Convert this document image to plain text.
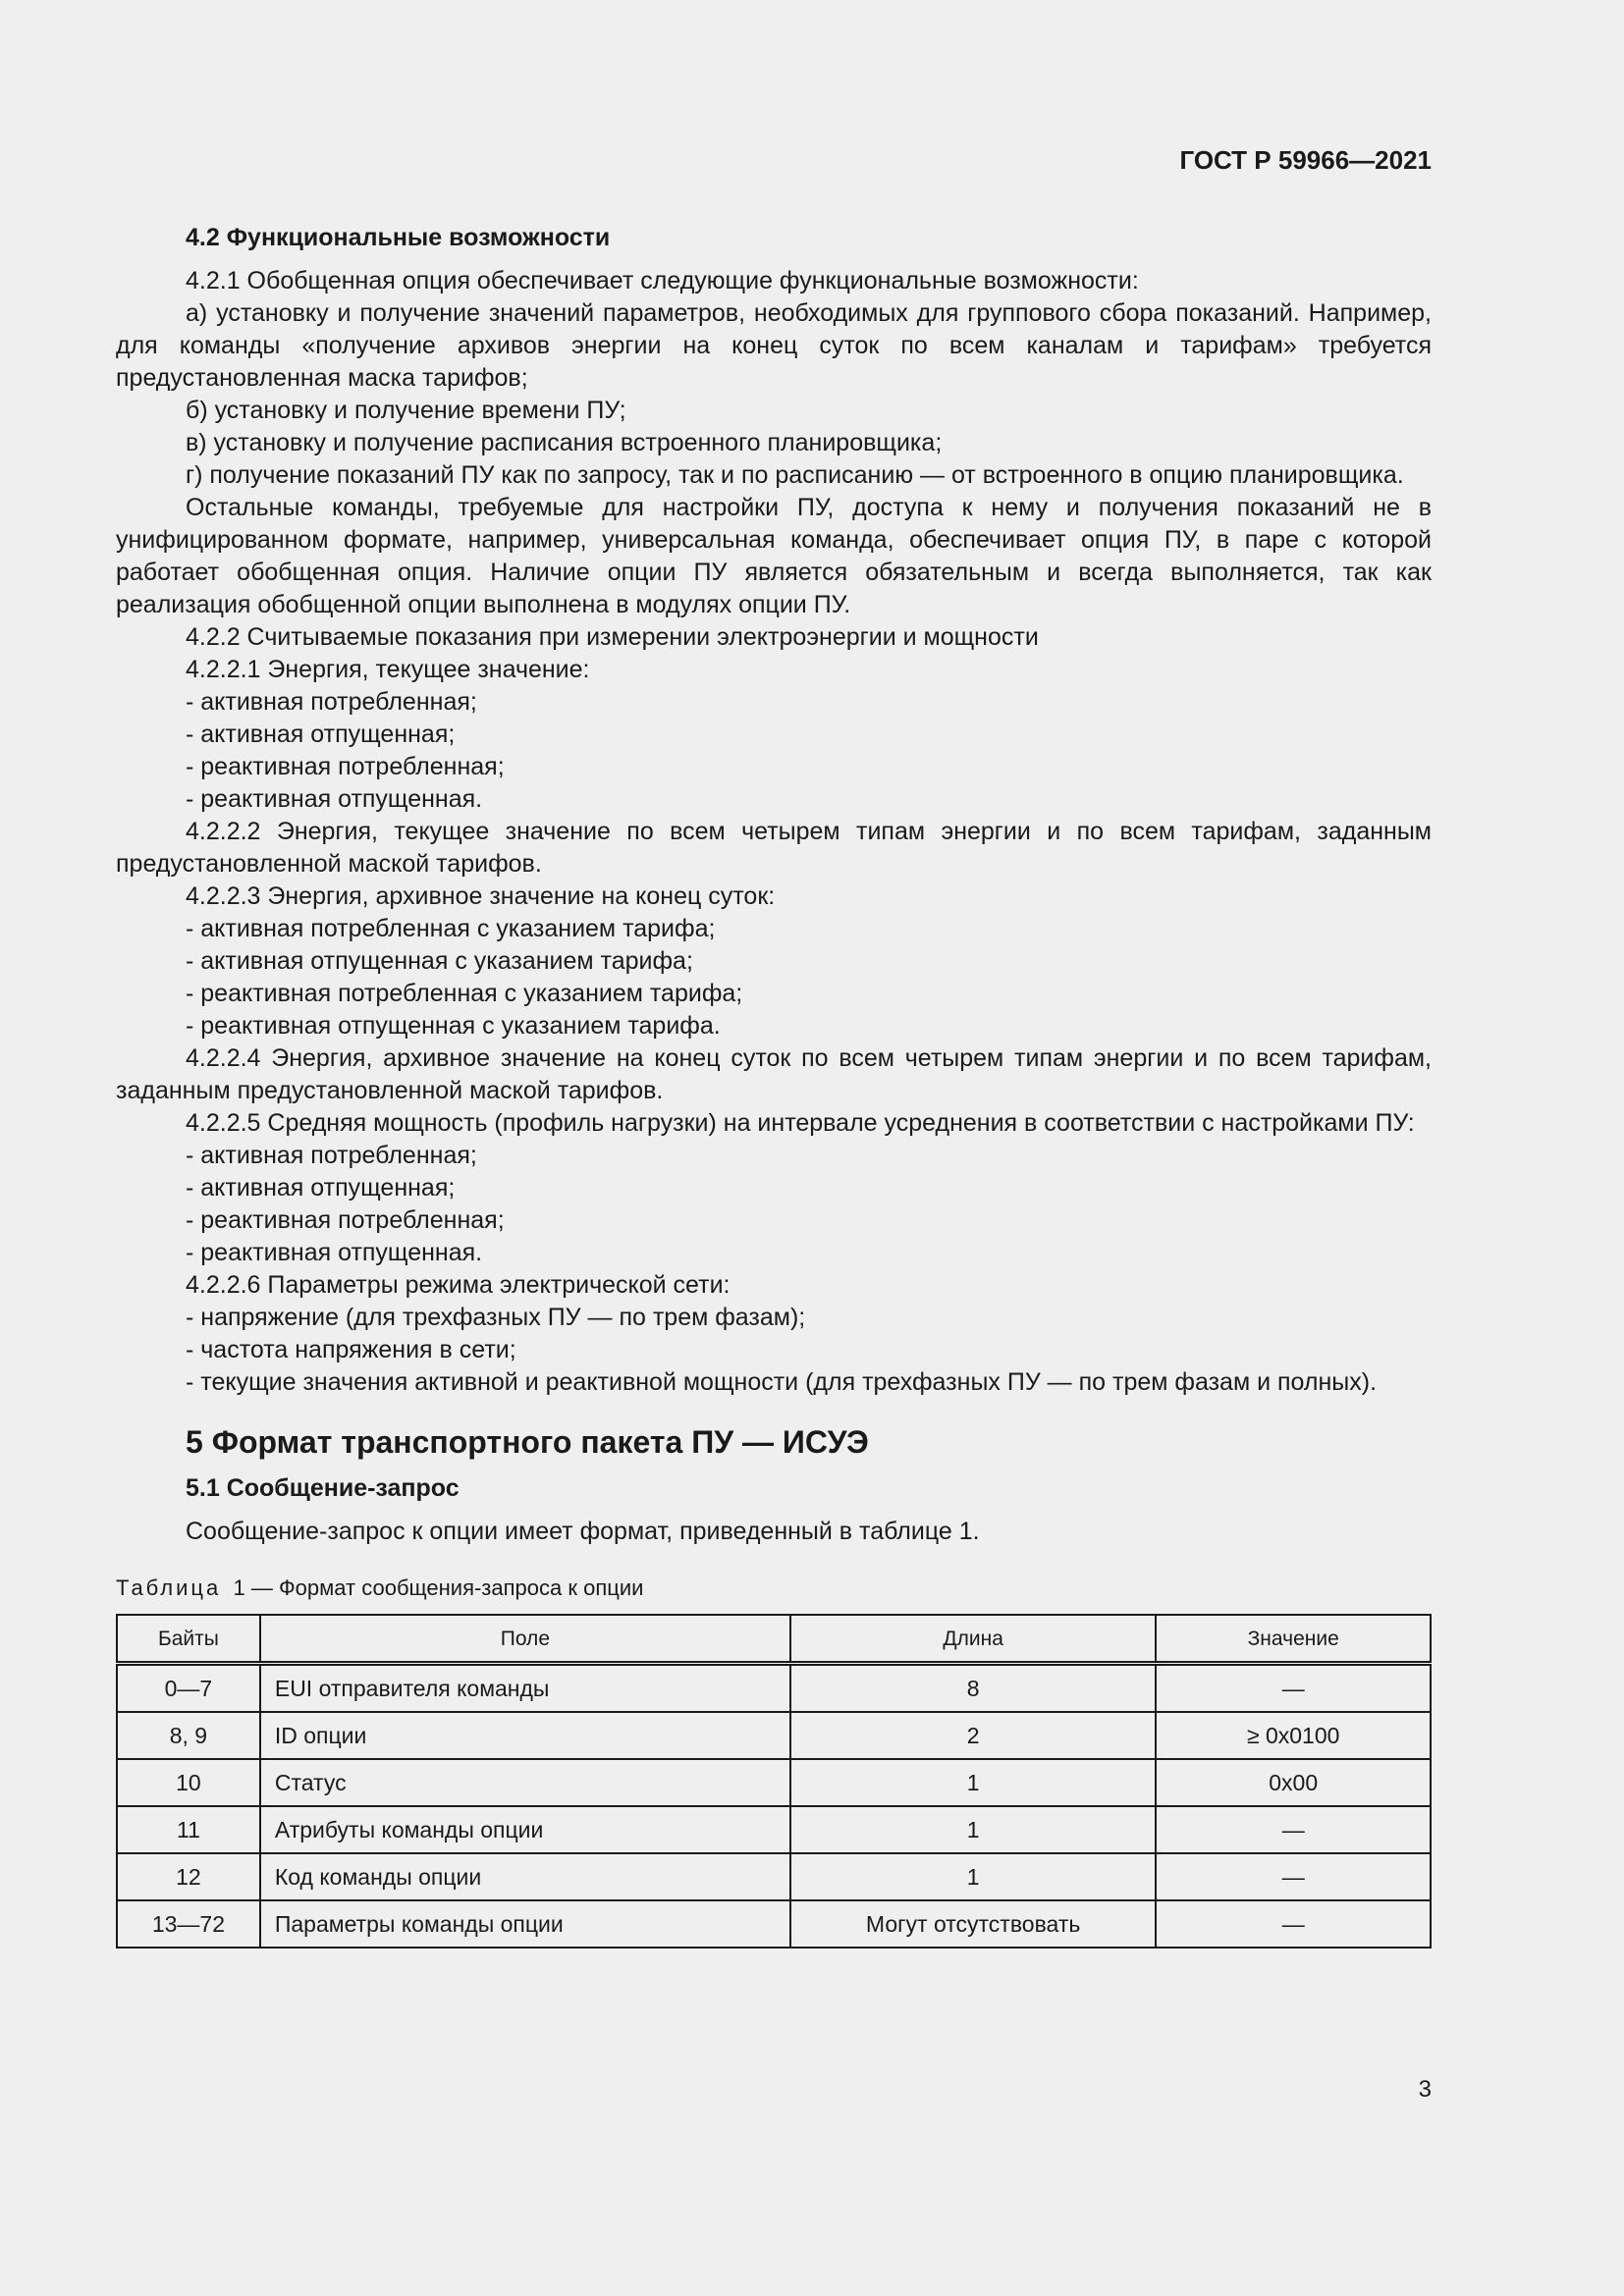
ГОСТ Р 59966—2021

4.2 Функциональные возможности

4.2.1 Обобщенная опция обеспечивает следующие функциональные возможности:

а) установку и получение значений параметров, необходимых для группового сбора показаний. Например, для команды «получение архивов энергии на конец суток по всем каналам и тарифам» требуется предустановленная маска тарифов;

б) установку и получение времени ПУ;

в) установку и получение расписания встроенного планировщика;

г) получение показаний ПУ как по запросу, так и по расписанию — от встроенного в опцию планировщика.

Остальные команды, требуемые для настройки ПУ, доступа к нему и получения показаний не в унифицированном формате, например, универсальная команда, обеспечивает опция ПУ, в паре с которой работает обобщенная опция. Наличие опции ПУ является обязательным и всегда выполняется, так как реализация обобщенной опции выполнена в модулях опции ПУ.

4.2.2 Считываемые показания при измерении электроэнергии и мощности

4.2.2.1 Энергия, текущее значение:

- активная потребленная;

- активная отпущенная;

- реактивная потребленная;

- реактивная отпущенная.

4.2.2.2 Энергия, текущее значение по всем четырем типам энергии и по всем тарифам, заданным предустановленной маской тарифов.

4.2.2.3 Энергия, архивное значение на конец суток:

- активная потребленная с указанием тарифа;

- активная отпущенная с указанием тарифа;

- реактивная потребленная с указанием тарифа;

- реактивная отпущенная с указанием тарифа.

4.2.2.4 Энергия, архивное значение на конец суток по всем четырем типам энергии и по всем тарифам, заданным предустановленной маской тарифов.

4.2.2.5 Средняя мощность (профиль нагрузки) на интервале усреднения в соответствии с настройками ПУ:

- активная потребленная;

- активная отпущенная;

- реактивная потребленная;

- реактивная отпущенная.

4.2.2.6 Параметры режима электрической сети:

- напряжение (для трехфазных ПУ — по трем фазам);

- частота напряжения в сети;

- текущие значения активной и реактивной мощности (для трехфазных ПУ — по трем фазам и полных).

5 Формат транспортного пакета ПУ — ИСУЭ

5.1 Сообщение-запрос

Сообщение-запрос к опции имеет формат, приведенный в таблице 1.

Таблица 1 — Формат сообщения-запроса к опции

Байты	Поле	Длина	Значение
0—7	EUI отправителя команды	8	—
8, 9	ID опции	2	≥ 0x0100
10	Статус	1	0x00
11	Атрибуты команды опции	1	—
12	Код команды опции	1	—
13—72	Параметры команды опции	Могут отсутствовать	—
3
